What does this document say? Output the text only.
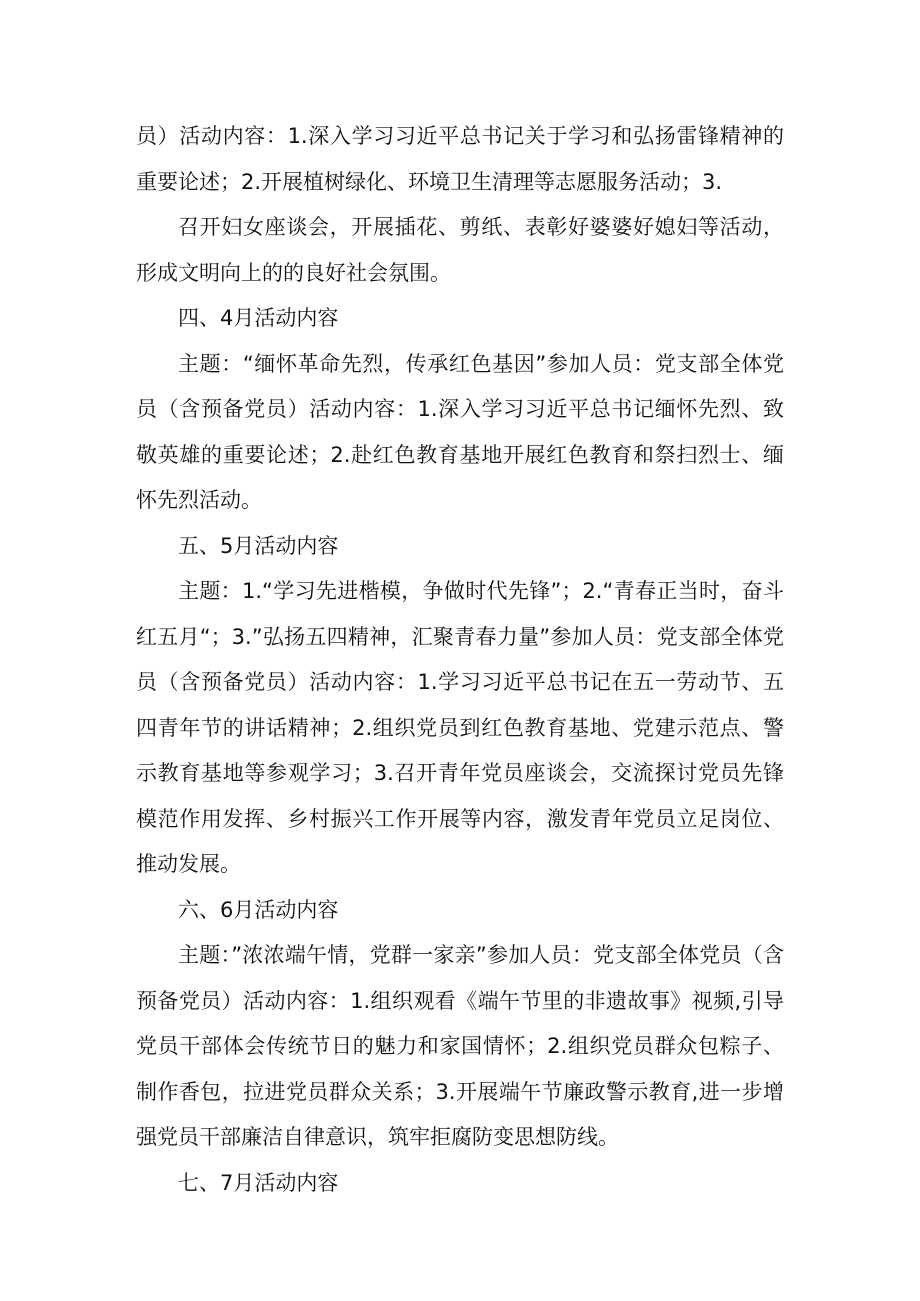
员）活动内容：1.深入学习习近平总书记关于学习和弘扬雷锋精神的重要论述；2.开展植树绿化、环境卫生清理等志愿服务活动；3.

召开妇女座谈会，开展插花、剪纸、表彰好婆婆好媳妇等活动，形成文明向上的的良好社会氛围。

四、4月活动内容

主题：“缅怀革命先烈，传承红色基因”参加人员：党支部全体党员（含预备党员）活动内容：1.深入学习习近平总书记缅怀先烈、致敬英雄的重要论述；2.赴红色教育基地开展红色教育和祭扫烈士、缅怀先烈活动。

五、5月活动内容

主题：1.“学习先进楷模，争做时代先锋”；2.“青春正当时，奋斗红五月“；3.”弘扬五四精神，汇聚青春力量”参加人员：党支部全体党员（含预备党员）活动内容：1.学习习近平总书记在五一劳动节、五四青年节的讲话精神；2.组织党员到红色教育基地、党建示范点、警示教育基地等参观学习；3.召开青年党员座谈会，交流探讨党员先锋模范作用发挥、乡村振兴工作开展等内容，激发青年党员立足岗位、推动发展。

六、6月活动内容

主题：”浓浓端午情，党群一家亲”参加人员：党支部全体党员（含预备党员）活动内容：1.组织观看《端午节里的非遗故事》视频,引导党员干部体会传统节日的魅力和家国情怀；2.组织党员群众包粽子、制作香包，拉进党员群众关系；3.开展端午节廉政警示教育,进一步增强党员干部廉洁自律意识，筑牢拒腐防变思想防线。

七、7月活动内容
